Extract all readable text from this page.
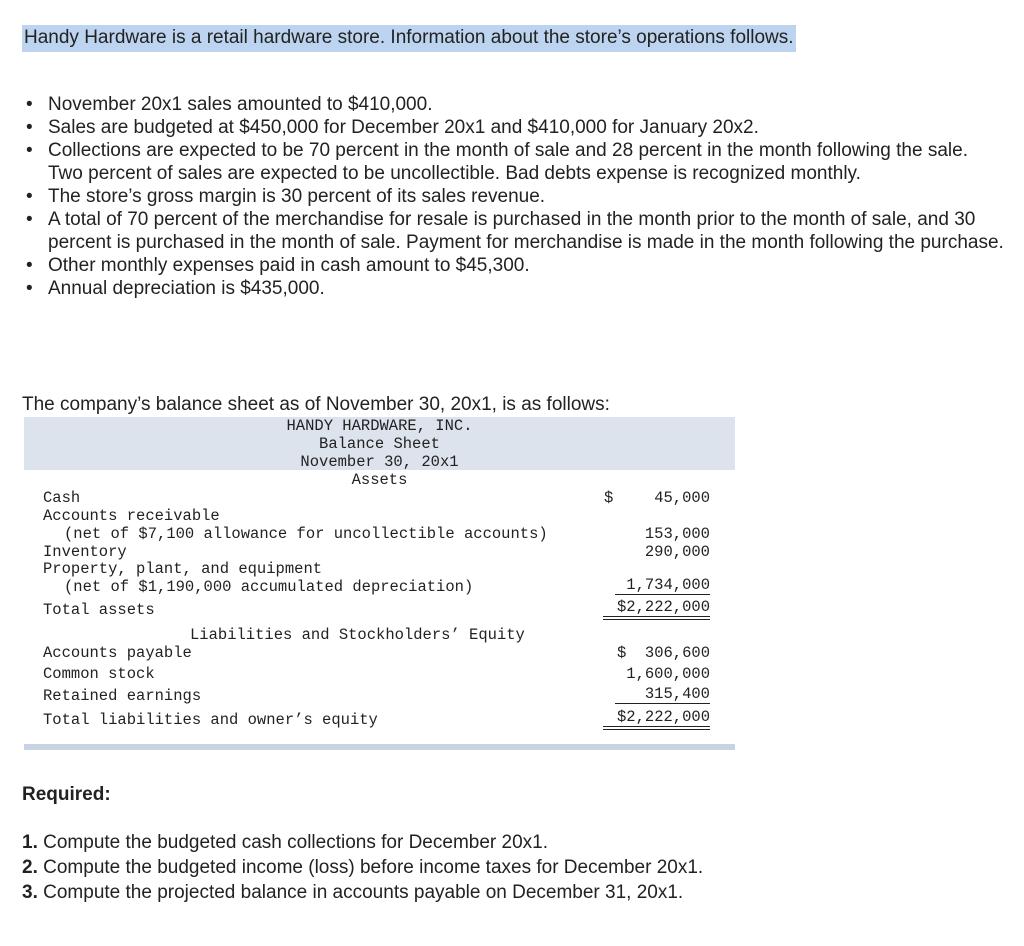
Handy Hardware is a retail hardware store. Information about the store’s operations follows.
• November 20x1 sales amounted to $410,000.
• Sales are budgeted at $450,000 for December 20x1 and $410,000 for January 20x2.
• Collections are expected to be 70 percent in the month of sale and 28 percent in the month following the sale. Two percent of sales are expected to be uncollectible. Bad debts expense is recognized monthly.
• The store’s gross margin is 30 percent of its sales revenue.
• A total of 70 percent of the merchandise for resale is purchased in the month prior to the month of sale, and 30 percent is purchased in the month of sale. Payment for merchandise is made in the month following the purchase.
• Other monthly expenses paid in cash amount to $45,300.
• Annual depreciation is $435,000.
The company’s balance sheet as of November 30, 20x1, is as follows:
HANDY HARDWARE, INC.
Balance Sheet
November 30, 20x1
Assets
Cash	$	45,000
Accounts receivable
(net of $7,100 allowance for uncollectible accounts)	153,000
Inventory	290,000
Property, plant, and equipment
(net of $1,190,000 accumulated depreciation)	1,734,000
Total assets	$2,222,000
Liabilities and Stockholders’ Equity
Accounts payable	$  306,600
Common stock	1,600,000
Retained earnings	315,400
Total liabilities and owner’s equity	$2,222,000
Required:
1. Compute the budgeted cash collections for December 20x1.
2. Compute the budgeted income (loss) before income taxes for December 20x1.
3. Compute the projected balance in accounts payable on December 31, 20x1.
